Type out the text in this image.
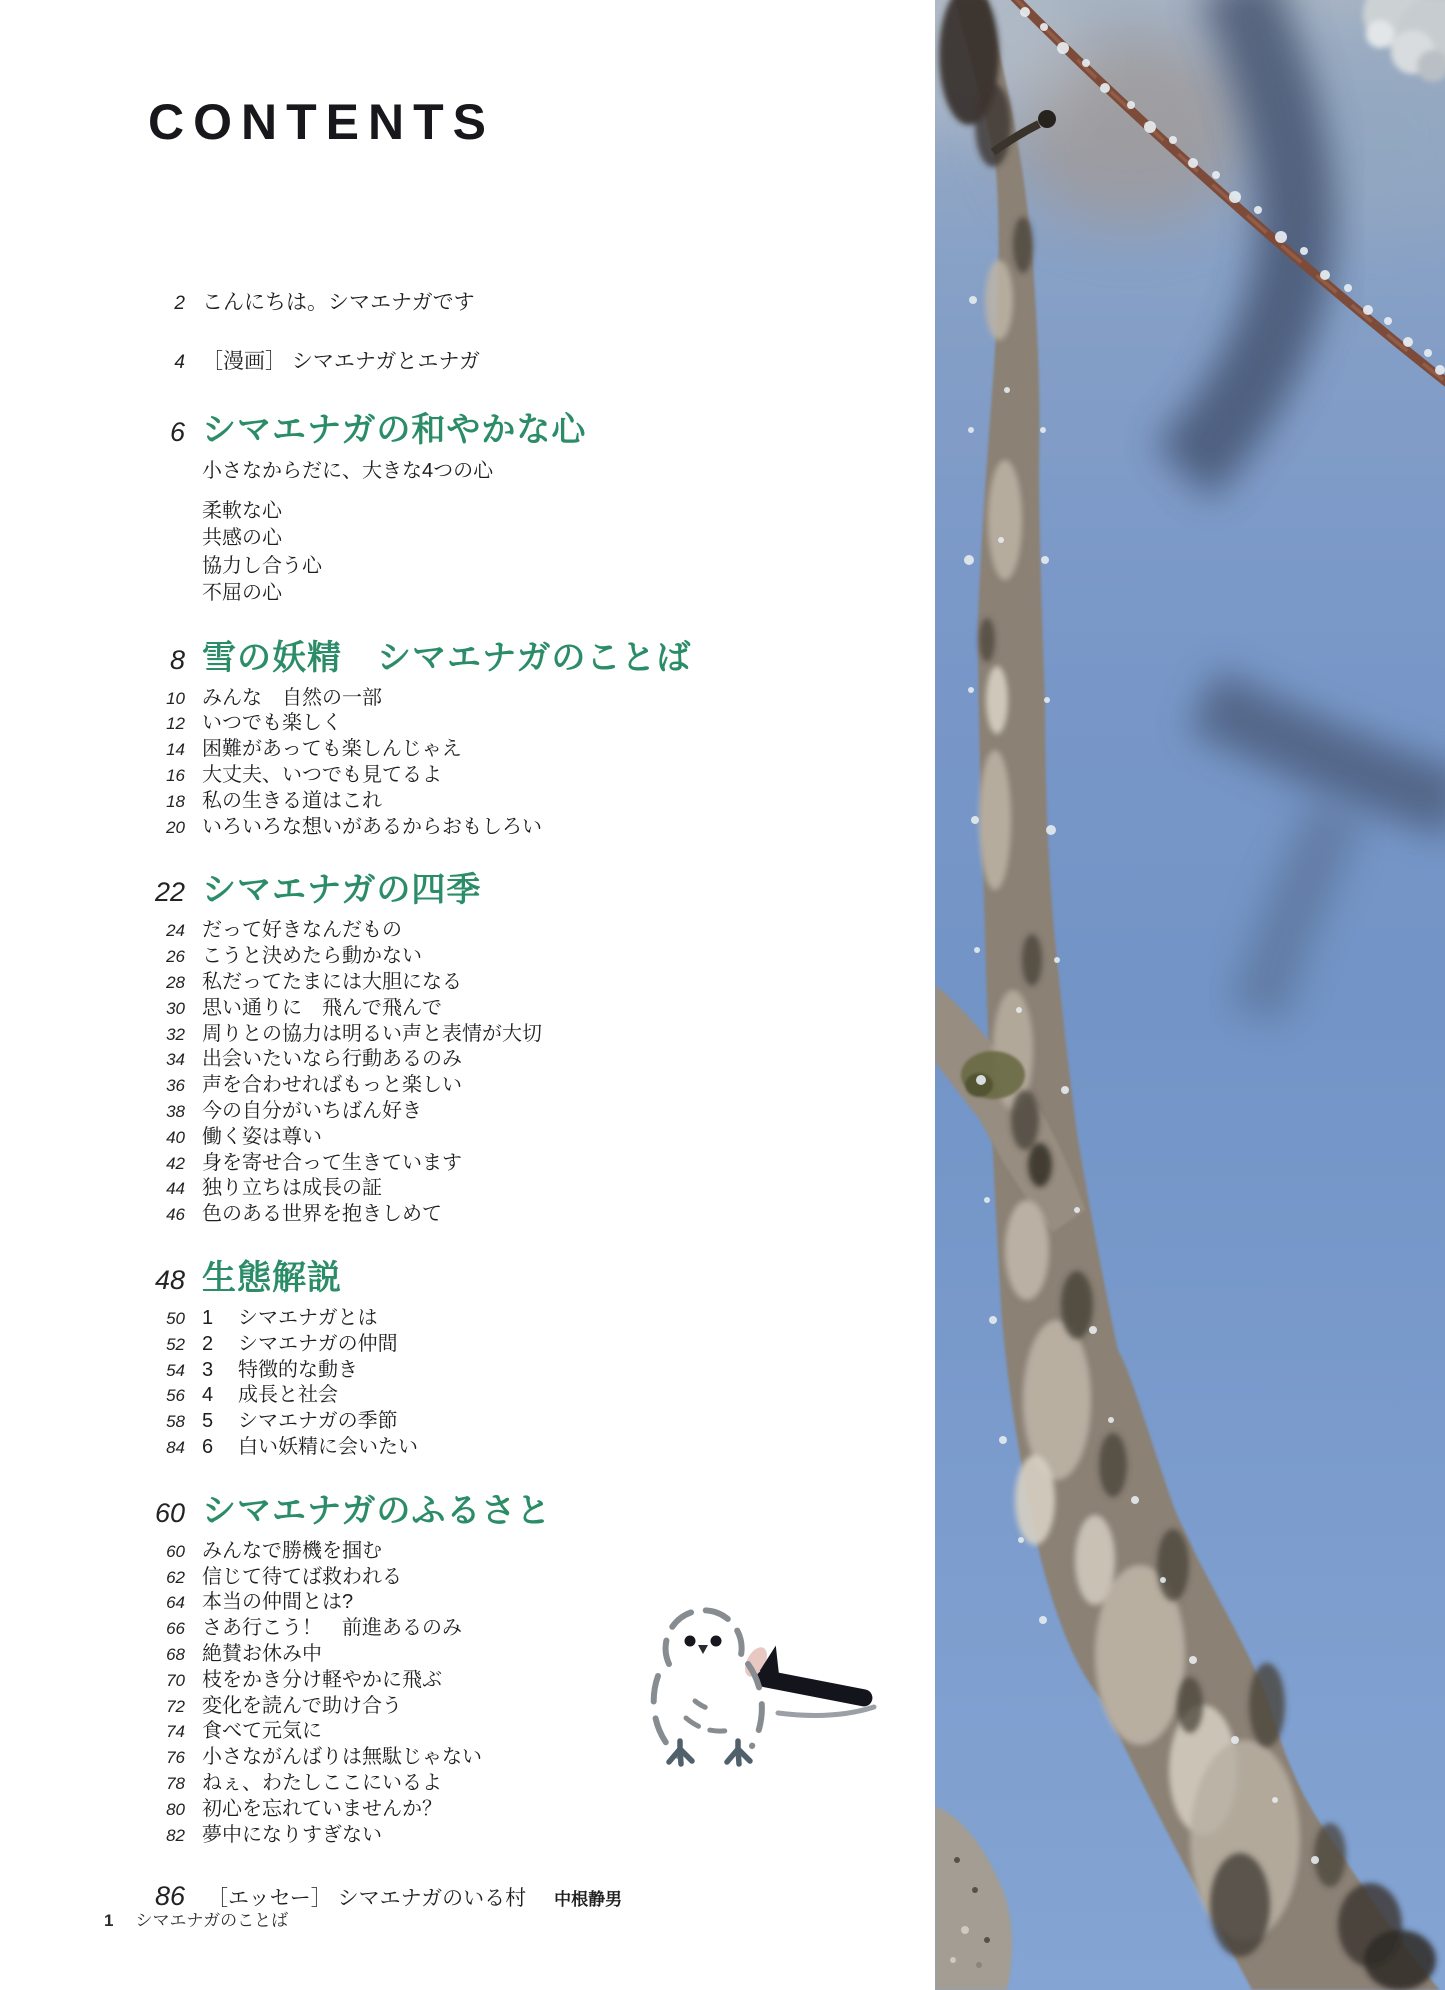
CONTENTS
2 こんにちは。シマエナガです
4 ［漫画］ シマエナガとエナガ
6 シマエナガの和やかな心
小さなからだに、大きな4つの心
柔軟な心
共感の心
協力し合う心
不屈の心
8 雪の妖精　シマエナガのことば
10 みんな　自然の一部
12 いつでも楽しく
14 困難があっても楽しんじゃえ
16 大丈夫、いつでも見てるよ
18 私の生きる道はこれ
20 いろいろな想いがあるからおもしろい
22 シマエナガの四季
24 だって好きなんだもの
26 こうと決めたら動かない
28 私だってたまには大胆になる
30 思い通りに　飛んで飛んで
32 周りとの協力は明るい声と表情が大切
34 出会いたいなら行動あるのみ
36 声を合わせればもっと楽しい
38 今の自分がいちばん好き
40 働く姿は尊い
42 身を寄せ合って生きています
44 独り立ちは成長の証
46 色のある世界を抱きしめて
48 生態解説
50 1	シマエナガとは
52 2	シマエナガの仲間
54 3	特徴的な動き
56 4	成長と社会
58 5	シマエナガの季節
84 6	白い妖精に会いたい
60 シマエナガのふるさと
60 みんなで勝機を掴む
62 信じて待てば救われる
64 本当の仲間とは?
66 さあ行こう！　前進あるのみ
68 絶賛お休み中
70 枝をかき分け軽やかに飛ぶ
72 変化を読んで助け合う
74 食べて元気に
76 小さながんばりは無駄じゃない
78 ねぇ、わたしここにいるよ
80 初心を忘れていませんか？
82 夢中になりすぎない
86 ［エッセー］ シマエナガのいる村 中根静男
1 シマエナガのことば
